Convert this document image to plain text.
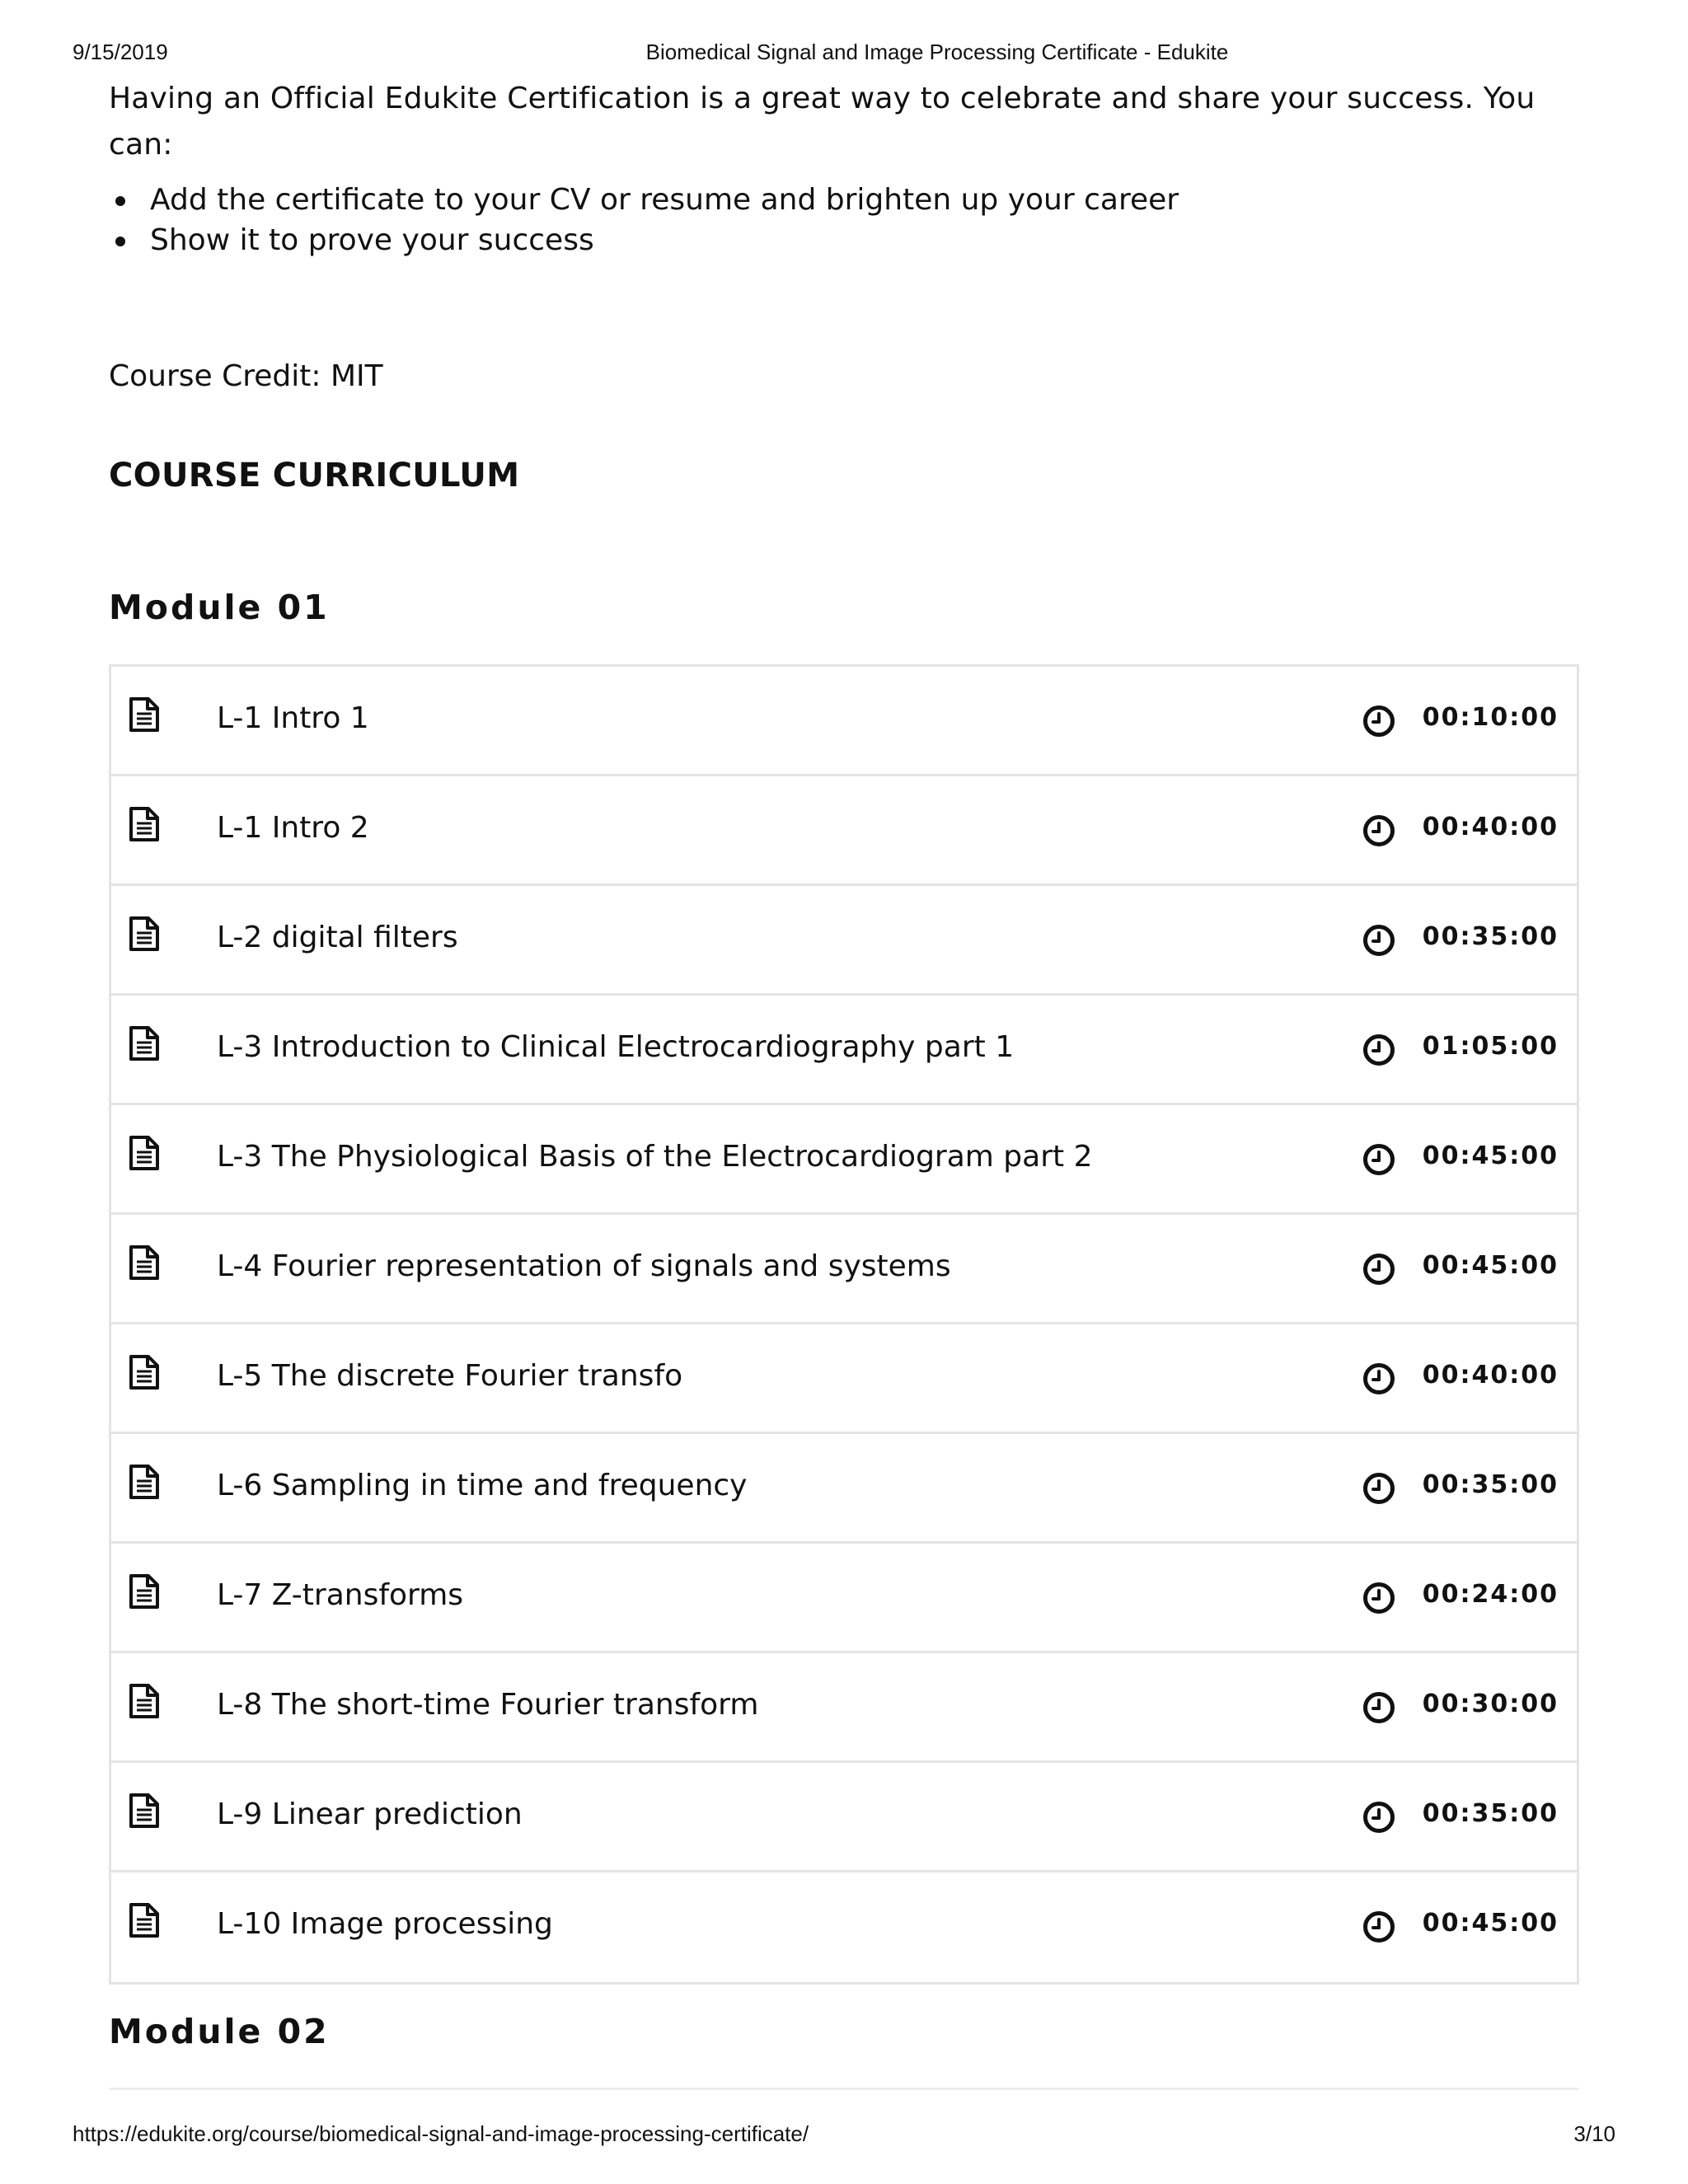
9/15/2019	Biomedical Signal and Image Processing Certificate - Edukite

Having an Official Edukite Certification is a great way to celebrate and share your success. You can:

Add the certificate to your CV or resume and brighten up your career
Show it to prove your success
Course Credit: MIT
COURSE CURRICULUM
Module 01
L-1 Intro 1	00:10:00
L-1 Intro 2	00:40:00
L-2 digital filters	00:35:00
L-3 Introduction to Clinical Electrocardiography part 1	01:05:00
L-3 The Physiological Basis of the Electrocardiogram part 2	00:45:00
L-4 Fourier representation of signals and systems	00:45:00
L-5 The discrete Fourier transfo	00:40:00
L-6 Sampling in time and frequency	00:35:00
L-7 Z-transforms	00:24:00
L-8 The short-time Fourier transform	00:30:00
L-9 Linear prediction	00:35:00
L-10 Image processing	00:45:00
Module 02
https://edukite.org/course/biomedical-signal-and-image-processing-certificate/	3/10
